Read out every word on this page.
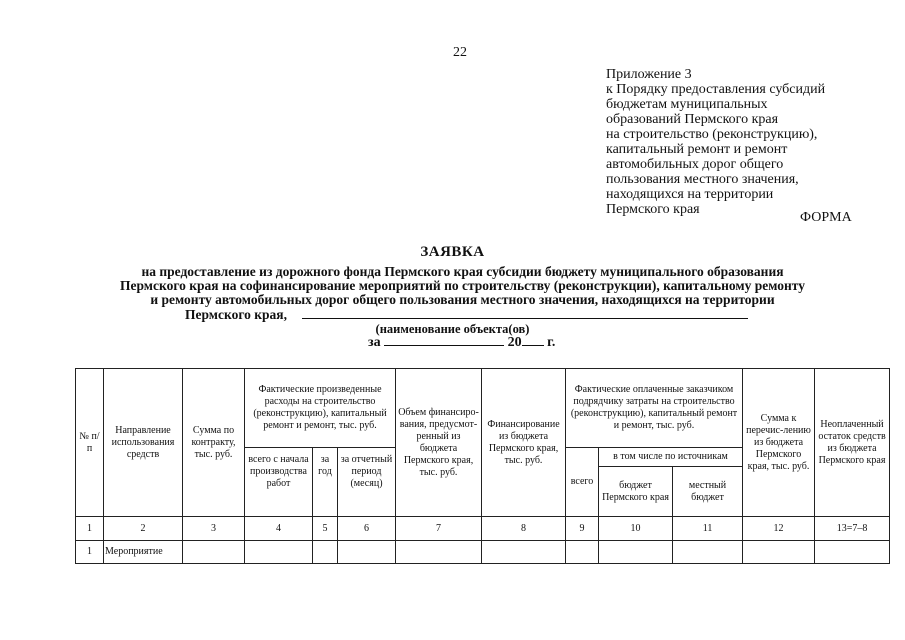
22
Приложение 3
к Порядку предоставления субсидий
бюджетам муниципальных
образований Пермского края
на строительство (реконструкцию),
капитальный ремонт и ремонт
автомобильных дорог общего
пользования местного значения,
находящихся на территории
Пермского края
ФОРМА
ЗАЯВКА
на предоставление из дорожного фонда Пермского края субсидии бюджету муниципального образования
Пермского края на софинансирование мероприятий по строительству (реконструкции), капитальному ремонту
и ремонту автомобильных дорог общего пользования местного значения, находящихся на территории
Пермского края,
(наименование объекта(ов)
за	20 г.
№ п/п	Направление использования средств	Сумма по контракту, тыс. руб.	Фактические произведенные расходы на строительство (реконструкцию), капитальный ремонт и ремонт, тыс. руб.			Объем финансиро-вания, предусмот-ренный из бюджета Пермского края, тыс. руб.	Финансирование из бюджета Пермского края, тыс. руб.	Фактические оплаченные заказчиком подрядчику затраты на строительство (реконструкцию), капитальный ремонт и ремонт, тыс. руб.			Сумма к перечис-лению из бюджета Пермского края, тыс. руб.	Неоплаченный остаток средств из бюджета Пермского края
			всего с начала производства работ	за год	за отчетный период (месяц)			всего	в том числе по источникам			
									бюджет Пермского края	местный бюджет		
1	2	3	4	5	6	7	8	9	10	11	12	13=7–8
1	Мероприятие											
